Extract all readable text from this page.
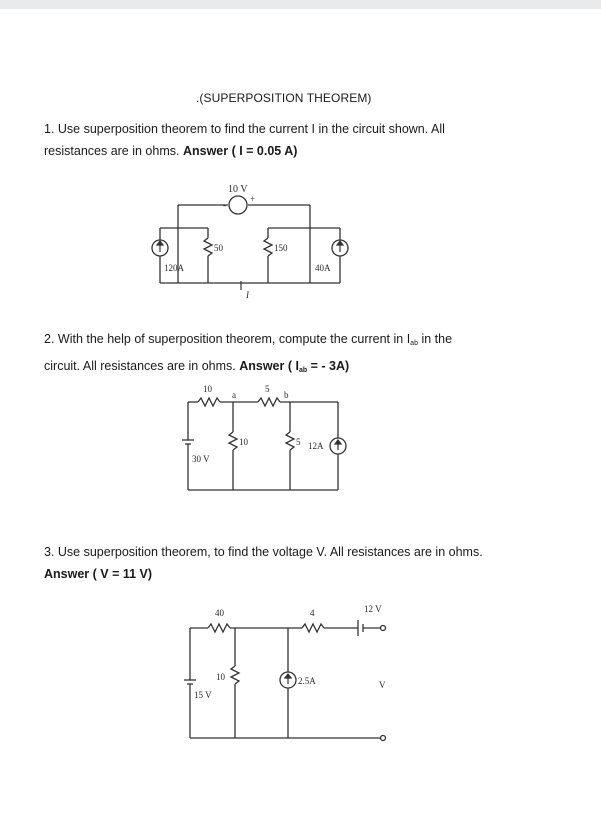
.(SUPERPOSITION THEOREM)
1. Use superposition theorem to find the current I in the circuit shown. All
resistances are in ohms. Answer ( I = 0.05 A)
10 V
-
+
50	150
120A	40A
I
2. With the help of superposition theorem, compute the current in $I_{ab}$ in the
circuit. All resistances are in ohms. Answer ( $I_{ab}$ = - 3A)
10
a
5
b
30 V
10	5 12A
3. Use superposition theorem, to find the voltage V. All resistances are in ohms.
Answer ( V = 11 V)
40	4	12 V
15 V
10	2.5A	V
